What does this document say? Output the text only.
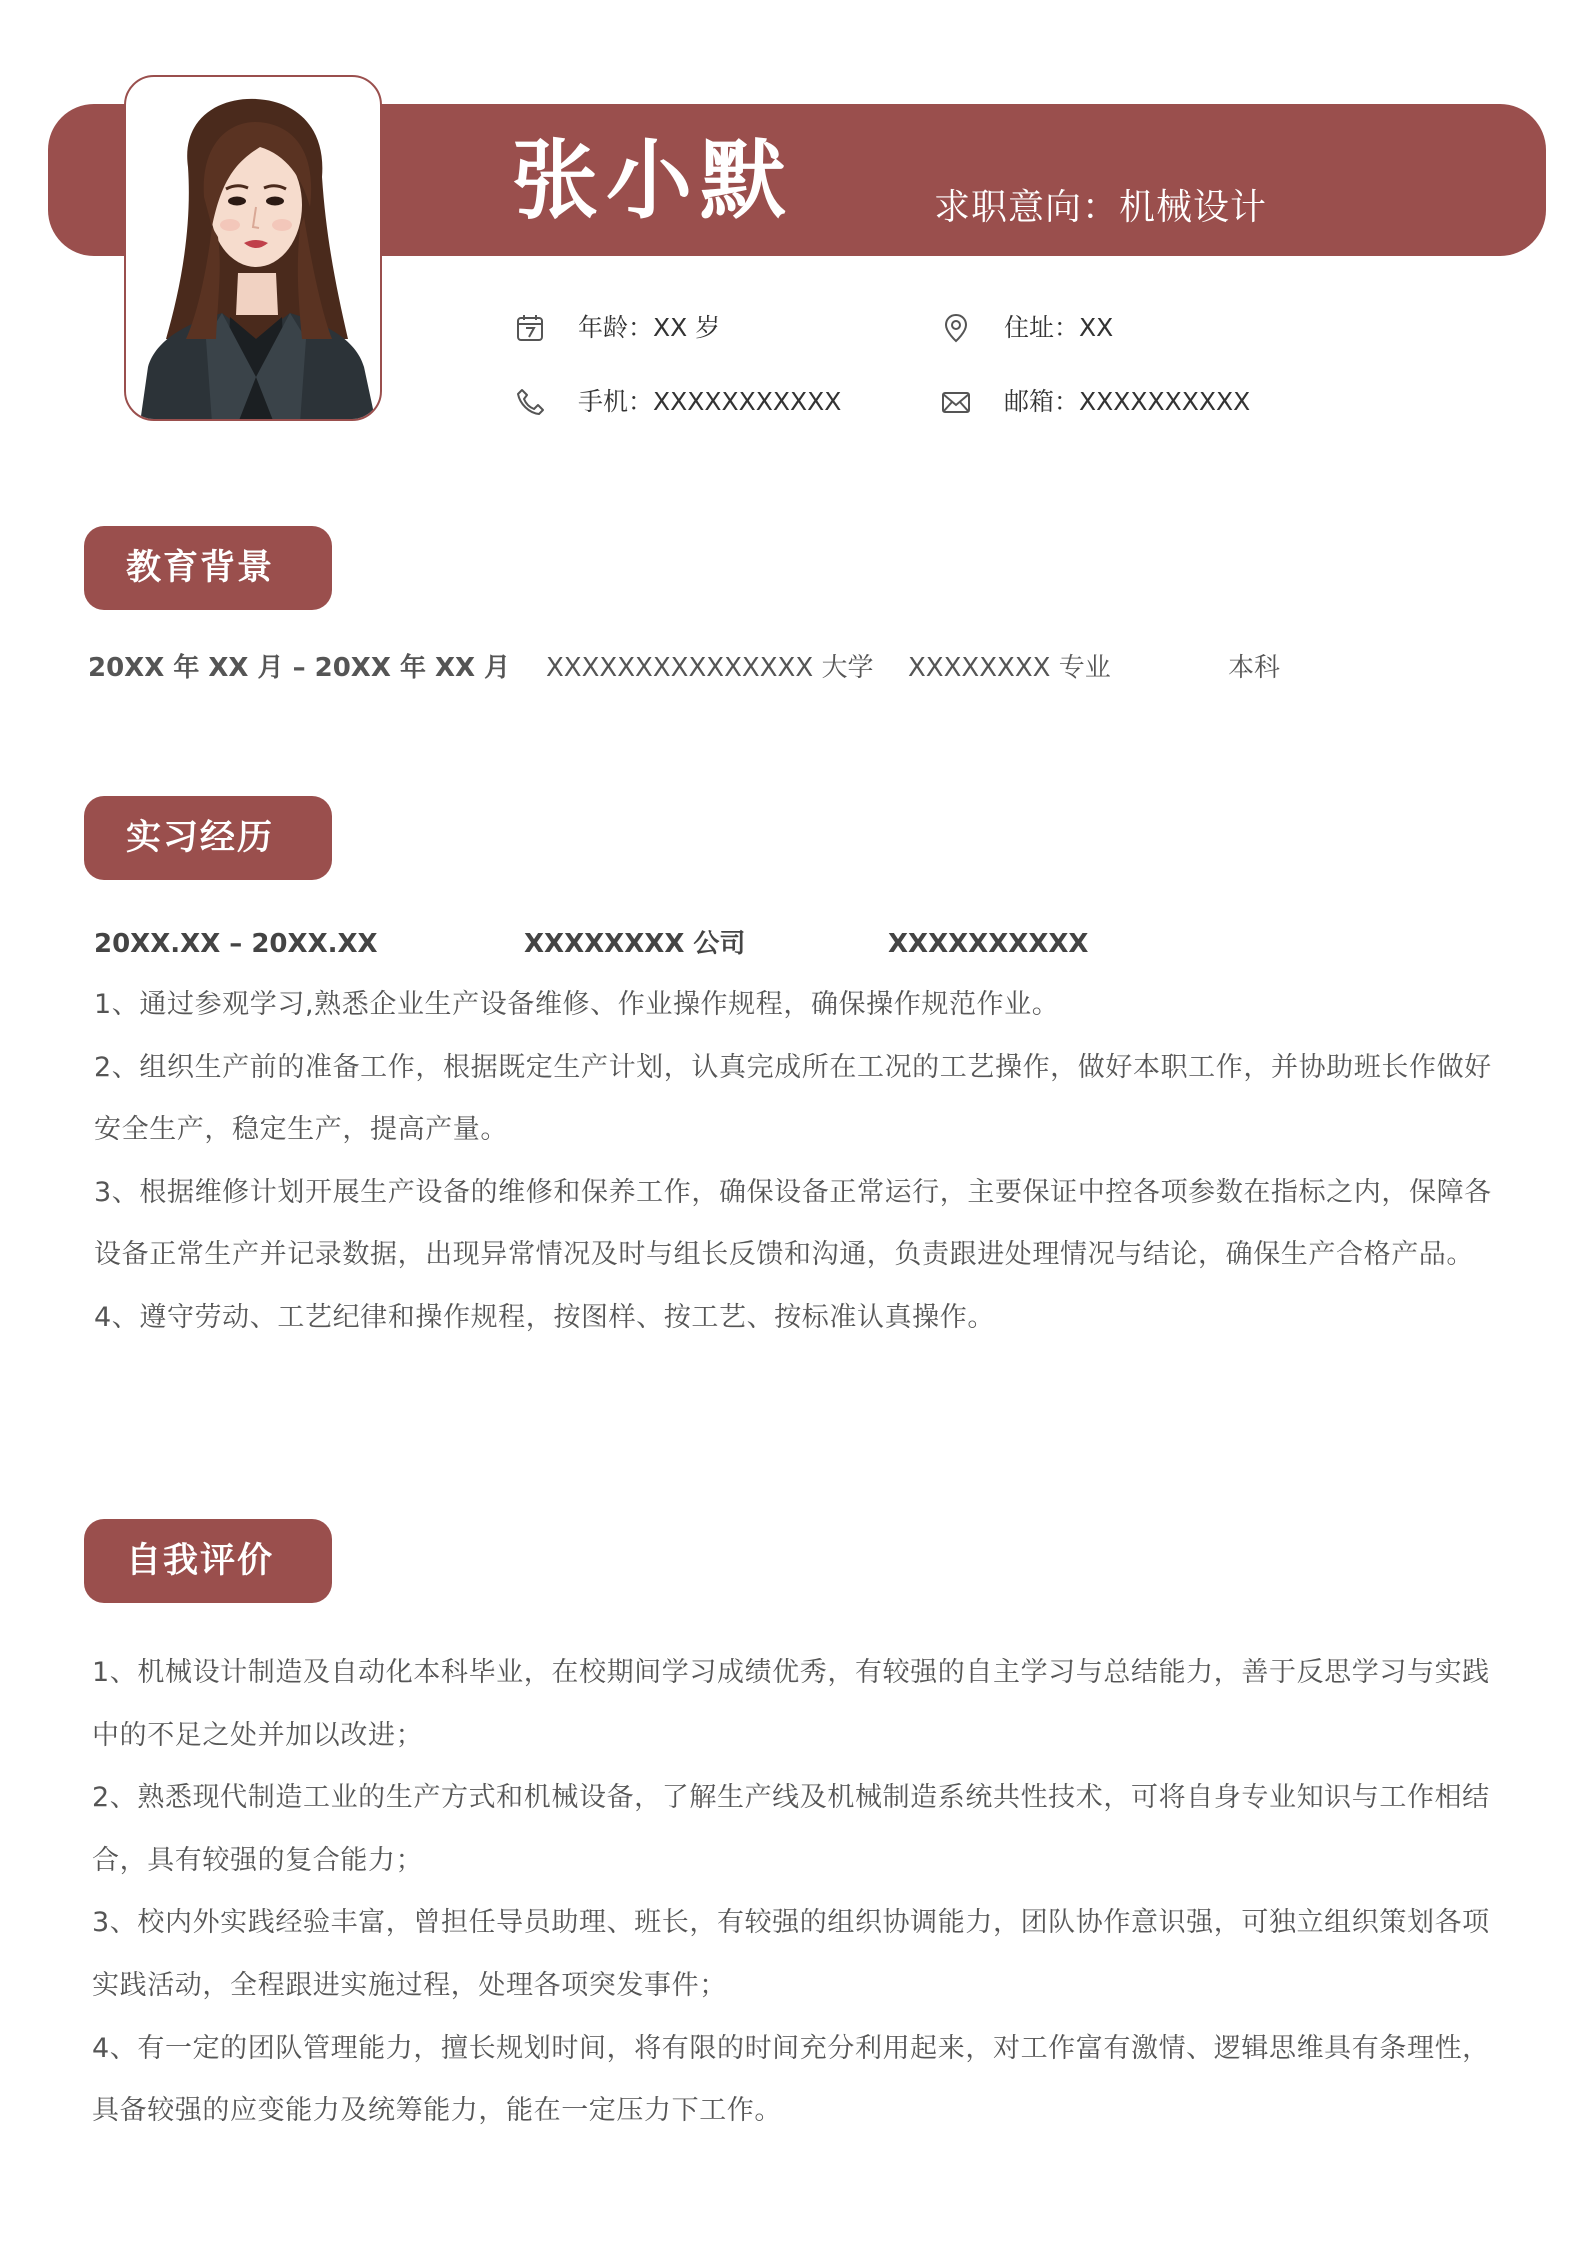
张小默	求职意向：机械设计
年龄：XX 岁	住址：XX
手机：XXXXXXXXXXX	邮箱：XXXXXXXXXX
教育背景
20XX 年 XX 月 – 20XX 年 XX 月 XXXXXXXXXXXXXXX 大学 XXXXXXXX 专业	本科
实习经历
20XX.XX – 20XX.XX	XXXXXXXX 公司	XXXXXXXXXX

1、通过参观学习,熟悉企业生产设备维修、作业操作规程，确保操作规范作业。

2、组织生产前的准备工作，根据既定生产计划，认真完成所在工况的工艺操作，做好本职工作，并协助班长作做好安全生产，稳定生产，提高产量。

3、根据维修计划开展生产设备的维修和保养工作，确保设备正常运行，主要保证中控各项参数在指标之内，保障各设备正常生产并记录数据，出现异常情况及时与组长反馈和沟通，负责跟进处理情况与结论，确保生产合格产品。

4、遵守劳动、工艺纪律和操作规程，按图样、按工艺、按标准认真操作。

自我评价

1、机械设计制造及自动化本科毕业，在校期间学习成绩优秀，有较强的自主学习与总结能力，善于反思学习与实践中的不足之处并加以改进；

2、熟悉现代制造工业的生产方式和机械设备，了解生产线及机械制造系统共性技术，可将自身专业知识与工作相结合，具有较强的复合能力；

3、校内外实践经验丰富，曾担任导员助理、班长，有较强的组织协调能力，团队协作意识强，可独立组织策划各项实践活动，全程跟进实施过程，处理各项突发事件；

4、有一定的团队管理能力，擅长规划时间，将有限的时间充分利用起来，对工作富有激情、逻辑思维具有条理性，具备较强的应变能力及统筹能力，能在一定压力下工作。
